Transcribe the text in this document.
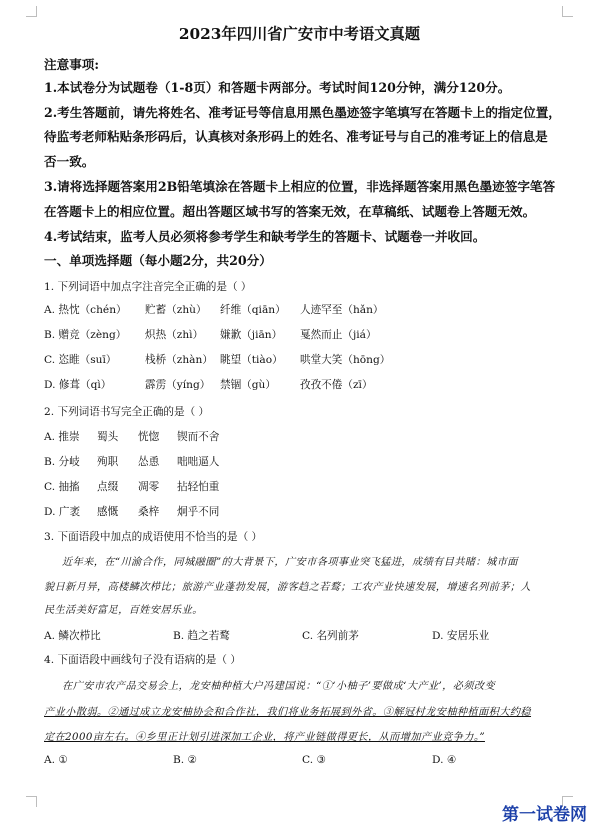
2023年四川省广安市中考语文真题
注意事项:
1.本试卷分为试题卷（1-8页）和答题卡两部分。考试时间120分钟，满分120分。
2.考生答题前，请先将姓名、准考证号等信息用黑色墨迹签字笔填写在答题卡上的指定位置，
待监考老师粘贴条形码后，认真核对条形码上的姓名、准考证号与自己的准考证上的信息是
否一致。
3.请将选择题答案用2B铅笔填涂在答题卡上相应的位置，非选择题答案用黑色墨迹签字笔答
在答题卡上的相应位置。超出答题区域书写的答案无效，在草稿纸、试题卷上答题无效。
4.考试结束，监考人员必须将参考学生和缺考学生的答题卡、试题卷一并收回。
一、单项选择题（每小题2分，共20分）
1. 下列词语中加点字注音完全正确的是（ ）
A. 热忱（chén） 贮蓄（zhù） 纤维（qiān） 人迹罕至（hǎn）
B. 赠竞（zèng） 炽热（zhì） 嫌歉（jiān） 戛然而止（jiá）
C. 恣睢（suī）	栈桥（zhàn） 眺望（tiào） 哄堂大笑（hōng）
D. 修葺（qì）	霹雳（yíng） 禁锢（gù） 孜孜不倦（zī）
2. 下列词语书写完全正确的是（ ）
A. 推崇 蜀头 恍惚 锲而不舍
B. 分岐 殉职 怂恿 咄咄逼人
C. 抽搐 点缀 凋零 拈轻怕重
D. 广袤 感慨 桑梓 炯乎不同
3. 下面语段中加点的成语使用不恰当的是（ ）
近年来，在“川渝合作，同城融圈”的大背景下，广安市各项事业突飞猛进，成绩有目共睹：城市面
貌日新月异，高楼鳞次栉比；旅游产业蓬勃发展，游客趋之若鹜；工农产业快速发展，增速名列前茅；人
民生活美好富足，百姓安居乐业。
A. 鳞次栉比	B. 趋之若鹜	C. 名列前茅	D. 安居乐业
4. 下面语段中画线句子没有语病的是（ ）
在广安市农产品交易会上，龙安柚种植大户冯建国说：“①‘小柚子’要做成‘大产业’，必须改变
产业小散弱。②通过成立龙安柚协会和合作社，我们将业务拓展到外省。③解冠村龙安柚种植面积大约稳
定在2000亩左右。④乡里正计划引进深加工企业，将产业链做得更长，从而增加产业竞争力。”
A. ①	B. ②	C. ③	D. ④
第一试卷网
